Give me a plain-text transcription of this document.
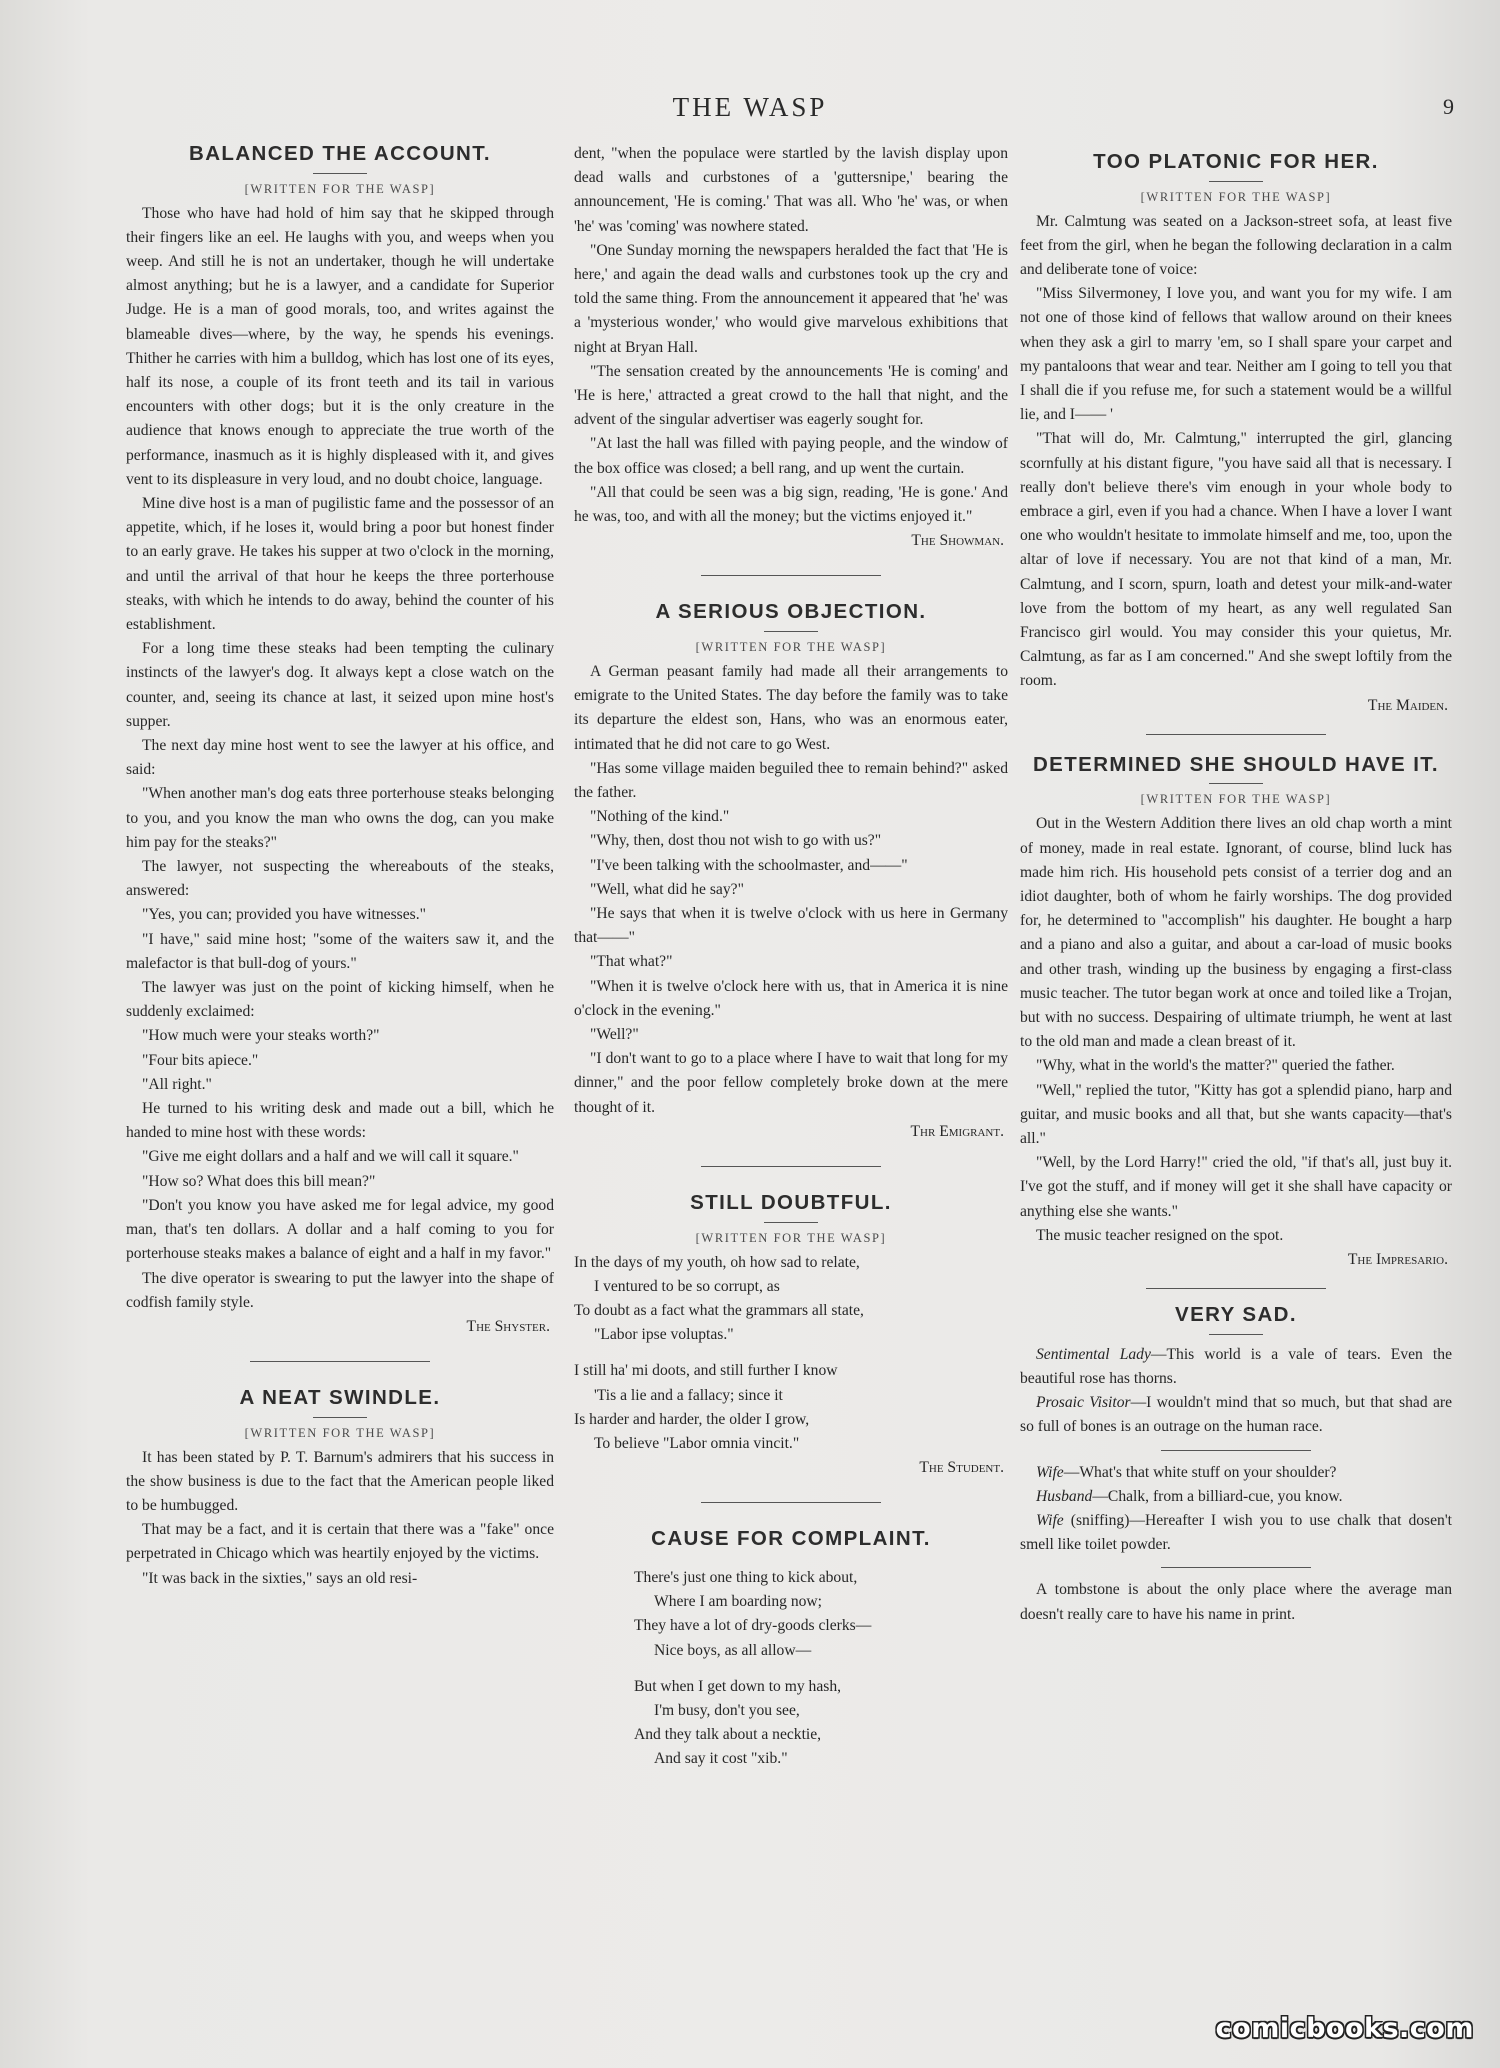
THE WASP	9
BALANCED THE ACCOUNT.

[WRITTEN FOR THE WASP]

Those who have had hold of him say that he skipped through their fingers like an eel. He laughs with you, and weeps when you weep. And still he is not an undertaker, though he will undertake almost anything; but he is a lawyer, and a candidate for Superior Judge. He is a man of good morals, too, and writes against the blameable dives—where, by the way, he spends his evenings. Thither he carries with him a bulldog, which has lost one of its eyes, half its nose, a couple of its front teeth and its tail in various encounters with other dogs; but it is the only creature in the audience that knows enough to appreciate the true worth of the performance, inasmuch as it is highly displeased with it, and gives vent to its displeasure in very loud, and no doubt choice, language.

Mine dive host is a man of pugilistic fame and the possessor of an appetite, which, if he loses it, would bring a poor but honest finder to an early grave. He takes his supper at two o'clock in the morning, and until the arrival of that hour he keeps the three porterhouse steaks, with which he intends to do away, behind the counter of his establishment.

For a long time these steaks had been tempting the culinary instincts of the lawyer's dog. It always kept a close watch on the counter, and, seeing its chance at last, it seized upon mine host's supper.

The next day mine host went to see the lawyer at his office, and said:

"When another man's dog eats three porterhouse steaks belonging to you, and you know the man who owns the dog, can you make him pay for the steaks?"

The lawyer, not suspecting the whereabouts of the steaks, answered:

"Yes, you can; provided you have witnesses."

"I have," said mine host; "some of the waiters saw it, and the malefactor is that bull-dog of yours."

The lawyer was just on the point of kicking himself, when he suddenly exclaimed:

"How much were your steaks worth?"

"Four bits apiece."

"All right."

He turned to his writing desk and made out a bill, which he handed to mine host with these words:

"Give me eight dollars and a half and we will call it square."

"How so? What does this bill mean?"

"Don't you know you have asked me for legal advice, my good man, that's ten dollars. A dollar and a half coming to you for porterhouse steaks makes a balance of eight and a half in my favor."

The dive operator is swearing to put the lawyer into the shape of codfish family style.

The Shyster.

A NEAT SWINDLE.

[WRITTEN FOR THE WASP]

It has been stated by P. T. Barnum's admirers that his success in the show business is due to the fact that the American people liked to be humbugged.

That may be a fact, and it is certain that there was a "fake" once perpetrated in Chicago which was heartily enjoyed by the victims.

"It was back in the sixties," says an old resi-

dent, "when the populace were startled by the lavish display upon dead walls and curbstones of a 'guttersnipe,' bearing the announcement, 'He is coming.' That was all. Who 'he' was, or when 'he' was 'coming' was nowhere stated.

"One Sunday morning the newspapers heralded the fact that 'He is here,' and again the dead walls and curbstones took up the cry and told the same thing. From the announcement it appeared that 'he' was a 'mysterious wonder,' who would give marvelous exhibitions that night at Bryan Hall.

"The sensation created by the announcements 'He is coming' and 'He is here,' attracted a great crowd to the hall that night, and the advent of the singular advertiser was eagerly sought for.

"At last the hall was filled with paying people, and the window of the box office was closed; a bell rang, and up went the curtain.

"All that could be seen was a big sign, reading, 'He is gone.' And he was, too, and with all the money; but the victims enjoyed it."

The Showman.

A SERIOUS OBJECTION.

[WRITTEN FOR THE WASP]

A German peasant family had made all their arrangements to emigrate to the United States. The day before the family was to take its departure the eldest son, Hans, who was an enormous eater, intimated that he did not care to go West.

"Has some village maiden beguiled thee to remain behind?" asked the father.

"Nothing of the kind."

"Why, then, dost thou not wish to go with us?"

"I've been talking with the schoolmaster, and——"

"Well, what did he say?"

"He says that when it is twelve o'clock with us here in Germany that——"

"That what?"

"When it is twelve o'clock here with us, that in America it is nine o'clock in the evening."

"Well?"

"I don't want to go to a place where I have to wait that long for my dinner," and the poor fellow completely broke down at the mere thought of it.

Thr Emigrant.

STILL DOUBTFUL.

[WRITTEN FOR THE WASP]

In the days of my youth, oh how sad to relate,
I ventured to be so corrupt, as
To doubt as a fact what the grammars all state,
"Labor ipse voluptas."
I still ha' mi doots, and still further I know
'Tis a lie and a fallacy; since it
Is harder and harder, the older I grow,
To believe "Labor omnia vincit."

The Student.

CAUSE FOR COMPLAINT.
There's just one thing to kick about,
Where I am boarding now;
They have a lot of dry-goods clerks—
Nice boys, as all allow—
But when I get down to my hash,
I'm busy, don't you see,
And they talk about a necktie,
And say it cost "xib."
TOO PLATONIC FOR HER.

[WRITTEN FOR THE WASP]

Mr. Calmtung was seated on a Jackson-street sofa, at least five feet from the girl, when he began the following declaration in a calm and deliberate tone of voice:

"Miss Silvermoney, I love you, and want you for my wife. I am not one of those kind of fellows that wallow around on their knees when they ask a girl to marry 'em, so I shall spare your carpet and my pantaloons that wear and tear. Neither am I going to tell you that I shall die if you refuse me, for such a statement would be a willful lie, and I—— '

"That will do, Mr. Calmtung," interrupted the girl, glancing scornfully at his distant figure, "you have said all that is necessary. I really don't believe there's vim enough in your whole body to embrace a girl, even if you had a chance. When I have a lover I want one who wouldn't hesitate to immolate himself and me, too, upon the altar of love if necessary. You are not that kind of a man, Mr. Calmtung, and I scorn, spurn, loath and detest your milk-and-water love from the bottom of my heart, as any well regulated San Francisco girl would. You may consider this your quietus, Mr. Calmtung, as far as I am concerned." And she swept loftily from the room.

The Maiden.

DETERMINED SHE SHOULD HAVE IT.

[WRITTEN FOR THE WASP]

Out in the Western Addition there lives an old chap worth a mint of money, made in real estate. Ignorant, of course, blind luck has made him rich. His household pets consist of a terrier dog and an idiot daughter, both of whom he fairly worships. The dog provided for, he determined to "accomplish" his daughter. He bought a harp and a piano and also a guitar, and about a car-load of music books and other trash, winding up the business by engaging a first-class music teacher. The tutor began work at once and toiled like a Trojan, but with no success. Despairing of ultimate triumph, he went at last to the old man and made a clean breast of it.

"Why, what in the world's the matter?" queried the father.

"Well," replied the tutor, "Kitty has got a splendid piano, harp and guitar, and music books and all that, but she wants capacity—that's all."

"Well, by the Lord Harry!" cried the old, "if that's all, just buy it. I've got the stuff, and if money will get it she shall have capacity or anything else she wants."

The music teacher resigned on the spot.

The Impresario.

VERY SAD.

Sentimental Lady—This world is a vale of tears. Even the beautiful rose has thorns.

Prosaic Visitor—I wouldn't mind that so much, but that shad are so full of bones is an outrage on the human race.

Wife—What's that white stuff on your shoulder?

Husband—Chalk, from a billiard-cue, you know.

Wife (sniffing)—Hereafter I wish you to use chalk that dosen't smell like toilet powder.

A tombstone is about the only place where the average man doesn't really care to have his name in print.

comicbooks.com
